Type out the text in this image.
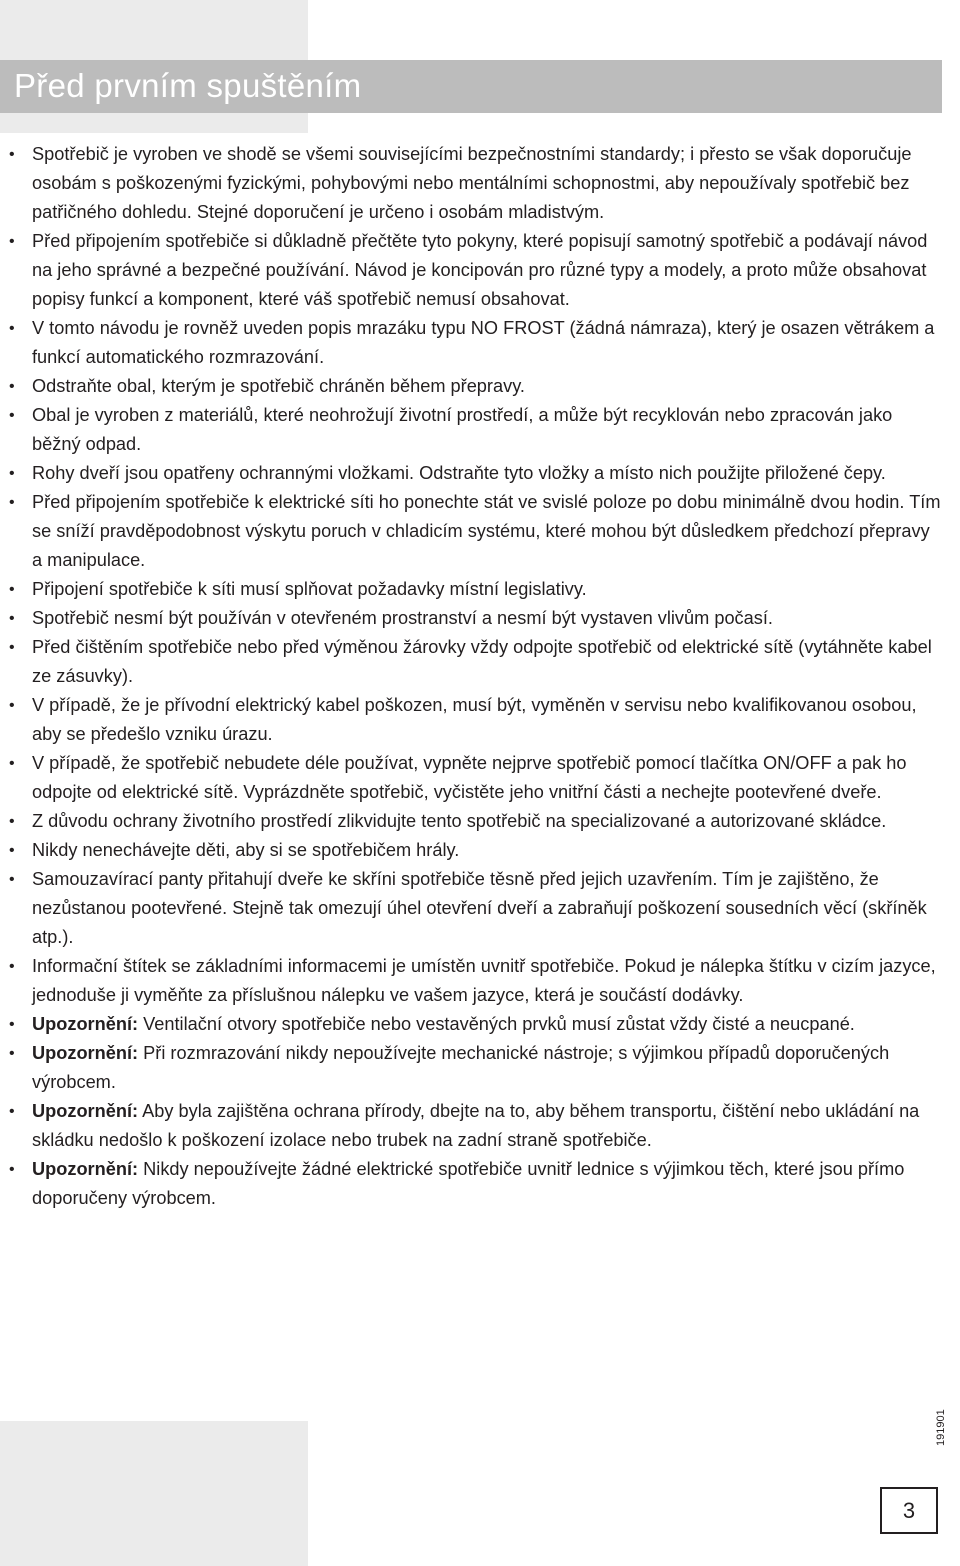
Před prvním spuštěním
• Spotřebič je vyroben ve shodě se všemi souvisejícími bezpečnostními standardy; i přesto se však doporučuje osobám s poškozenými fyzickými, pohybovými nebo mentálními schopnostmi, aby nepoužívaly spotřebič bez patřičného dohledu. Stejné doporučení je určeno i osobám mladistvým.
• Před připojením spotřebiče si důkladně přečtěte tyto pokyny, které popisují samotný spotřebič a podávají návod na jeho správné a bezpečné používání. Návod je koncipován pro různé typy a modely, a proto může obsahovat popisy funkcí a komponent, které váš spotřebič nemusí obsahovat.
• V tomto návodu je rovněž uveden popis mrazáku typu NO FROST (žádná námraza), který je osazen větrákem a funkcí automatického rozmrazování.
• Odstraňte obal, kterým je spotřebič chráněn během přepravy.
• Obal je vyroben z materiálů, které neohrožují životní prostředí, a může být recyklován nebo zpracován jako běžný odpad.
• Rohy dveří jsou opatřeny ochrannými vložkami. Odstraňte tyto vložky a místo nich použijte přiložené čepy.
• Před připojením spotřebiče k elektrické síti ho ponechte stát ve svislé poloze po dobu minimálně dvou hodin. Tím se sníží pravděpodobnost výskytu poruch v chladicím systému, které mohou být důsledkem předchozí přepravy a manipulace.
• Připojení spotřebiče k síti musí splňovat požadavky místní legislativy.
• Spotřebič nesmí být používán v otevřeném prostranství a nesmí být vystaven vlivům počasí.
• Před čištěním spotřebiče nebo před výměnou žárovky vždy odpojte spotřebič od elektrické sítě (vytáhněte kabel ze zásuvky).
• V případě, že je přívodní elektrický kabel poškozen, musí být, vyměněn v servisu nebo kvalifikovanou osobou, aby se předešlo vzniku úrazu.
• V případě, že spotřebič nebudete déle používat, vypněte nejprve spotřebič pomocí tlačítka ON/OFF a pak ho odpojte od elektrické sítě. Vyprázdněte spotřebič, vyčistěte jeho vnitřní části a nechejte pootevřené dveře.
• Z důvodu ochrany životního prostředí zlikvidujte tento spotřebič na specializované a autorizované skládce.
• Nikdy nenechávejte děti, aby si se spotřebičem hrály.
• Samouzavírací panty přitahují dveře ke skříni spotřebiče těsně před jejich uzavřením. Tím je zajištěno, že nezůstanou pootevřené. Stejně tak omezují úhel otevření dveří a zabraňují poškození sousedních věcí (skříněk atp.).
• Informační štítek se základními informacemi je umístěn uvnitř spotřebiče. Pokud je nálepka štítku v cizím jazyce, jednoduše ji vyměňte za příslušnou nálepku ve vašem jazyce, která je součástí dodávky.
• Upozornění: Ventilační otvory spotřebiče nebo vestavěných prvků musí zůstat vždy čisté a neucpané.
• Upozornění: Při rozmrazování nikdy nepoužívejte mechanické nástroje; s výjimkou případů doporučených výrobcem.
• Upozornění: Aby byla zajištěna ochrana přírody, dbejte na to, aby během transportu, čištění nebo ukládání na skládku nedošlo k poškození izolace nebo trubek na zadní straně spotřebiče.
• Upozornění: Nikdy nepoužívejte žádné elektrické spotřebiče uvnitř lednice s výjimkou těch, které jsou přímo doporučeny výrobcem.
191901
3
